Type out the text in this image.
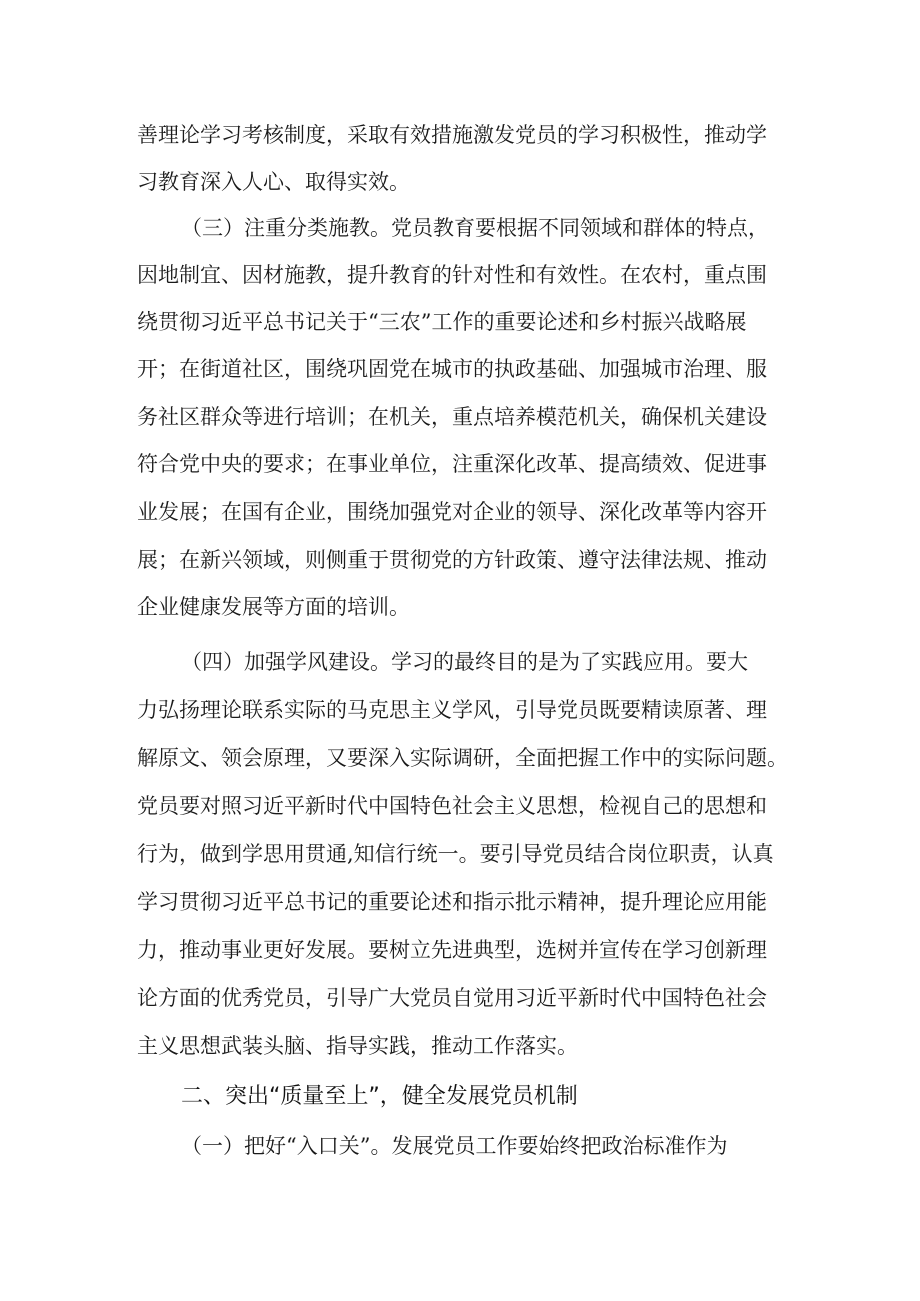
善理论学习考核制度，采取有效措施激发党员的学习积极性，推动学
习教育深入人心、取得实效。
（三）注重分类施教。党员教育要根据不同领域和群体的特点，
因地制宜、因材施教，提升教育的针对性和有效性。在农村，重点围
绕贯彻习近平总书记关于“三农”工作的重要论述和乡村振兴战略展
开；在街道社区，围绕巩固党在城市的执政基础、加强城市治理、服
务社区群众等进行培训；在机关，重点培养模范机关，确保机关建设
符合党中央的要求；在事业单位，注重深化改革、提高绩效、促进事
业发展；在国有企业，围绕加强党对企业的领导、深化改革等内容开
展；在新兴领域，则侧重于贯彻党的方针政策、遵守法律法规、推动
企业健康发展等方面的培训。
（四）加强学风建设。学习的最终目的是为了实践应用。要大
力弘扬理论联系实际的马克思主义学风，引导党员既要精读原著、理
解原文、领会原理，又要深入实际调研，全面把握工作中的实际问题。
党员要对照习近平新时代中国特色社会主义思想，检视自己的思想和
行为，做到学思用贯通,知信行统一。要引导党员结合岗位职责，认真
学习贯彻习近平总书记的重要论述和指示批示精神，提升理论应用能
力，推动事业更好发展。要树立先进典型，选树并宣传在学习创新理
论方面的优秀党员，引导广大党员自觉用习近平新时代中国特色社会
主义思想武装头脑、指导实践，推动工作落实。
二、突出“质量至上”，健全发展党员机制
（一）把好“入口关”。发展党员工作要始终把政治标准作为
